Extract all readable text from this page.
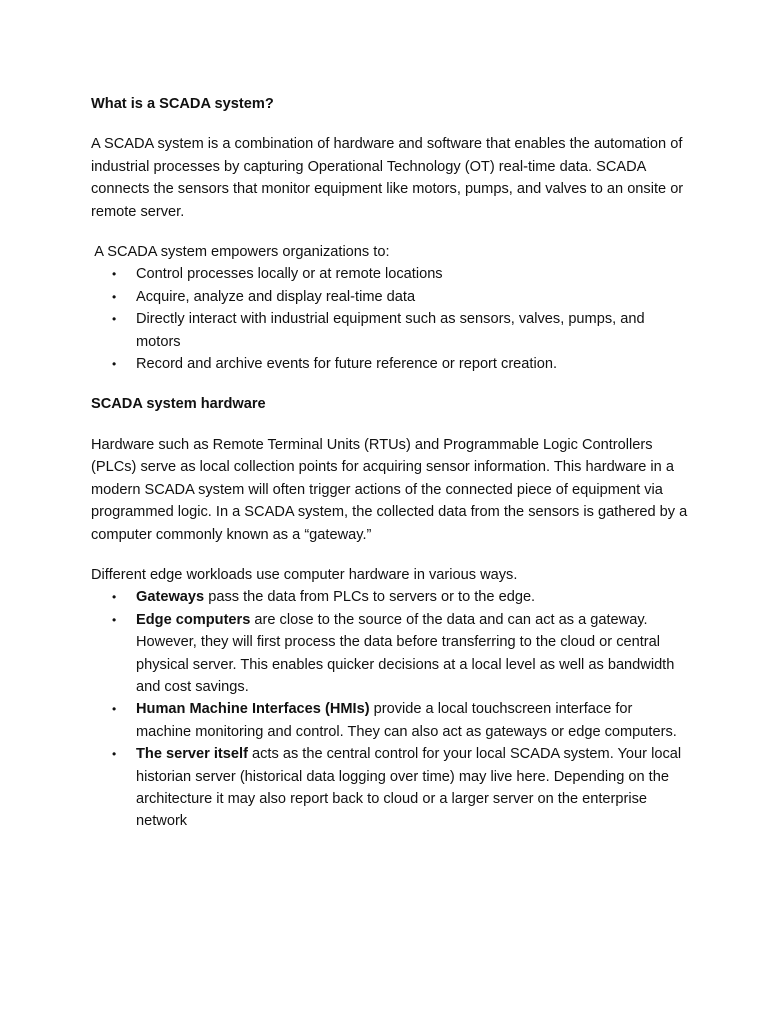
What is a SCADA system?

A SCADA system is a combination of hardware and software that enables the automation of industrial processes by capturing Operational Technology (OT) real-time data. SCADA connects the sensors that monitor equipment like motors, pumps, and valves to an onsite or remote server.

A SCADA system empowers organizations to:

• Control processes locally or at remote locations
• Acquire, analyze and display real-time data
• Directly interact with industrial equipment such as sensors, valves, pumps, and motors
• Record and archive events for future reference or report creation.

SCADA system hardware

Hardware such as Remote Terminal Units (RTUs) and Programmable Logic Controllers (PLCs) serve as local collection points for acquiring sensor information. This hardware in a modern SCADA system will often trigger actions of the connected piece of equipment via programmed logic. In a SCADA system, the collected data from the sensors is gathered by a computer commonly known as a “gateway.”

Different edge workloads use computer hardware in various ways.

• Gateways pass the data from PLCs to servers or to the edge.
• Edge computers are close to the source of the data and can act as a gateway. However, they will first process the data before transferring to the cloud or central physical server. This enables quicker decisions at a local level as well as bandwidth and cost savings.
• Human Machine Interfaces (HMIs) provide a local touchscreen interface for machine monitoring and control. They can also act as gateways or edge computers.
• The server itself acts as the central control for your local SCADA system. Your local historian server (historical data logging over time) may live here. Depending on the architecture it may also report back to cloud or a larger server on the enterprise network
